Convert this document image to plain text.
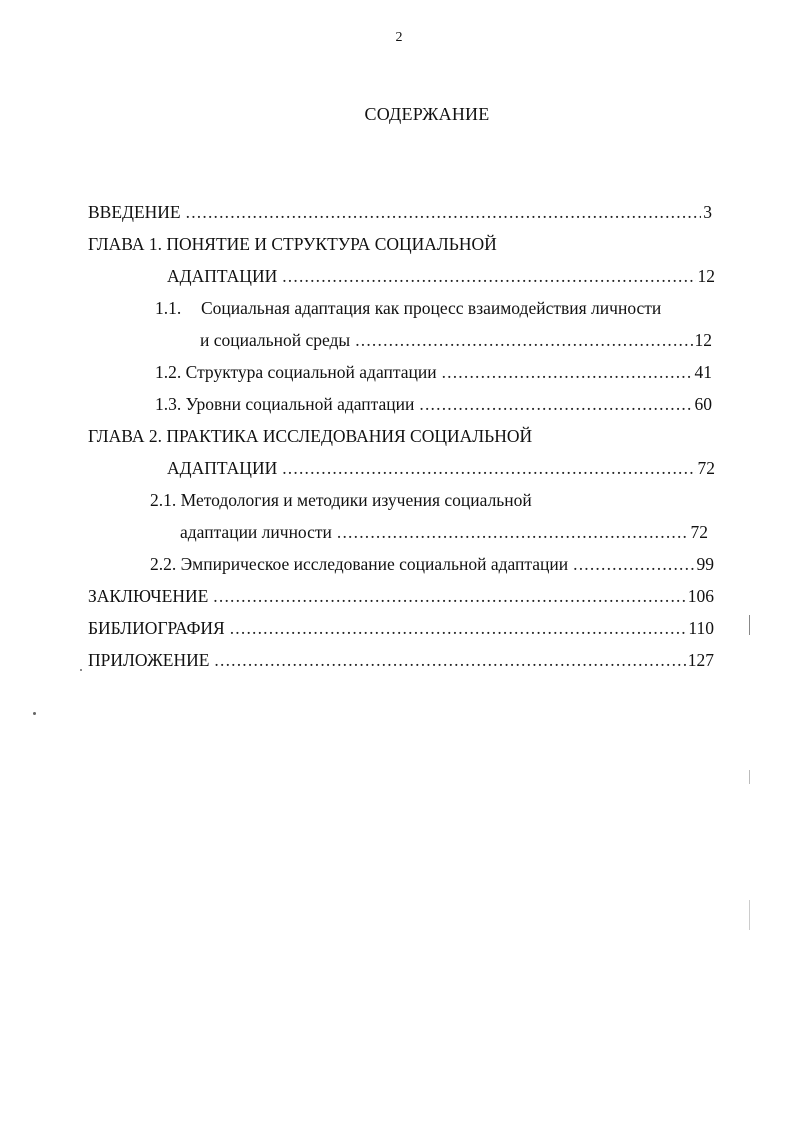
2
СОДЕРЖАНИЕ
ВВЕДЕНИЕ .....	3
ГЛАВА 1. ПОНЯТИЕ И СТРУКТУРА СОЦИАЛЬНОЙ
АДАПТАЦИИ .....	12
1.1.	Социальная адаптация как процесс взаимодействия личности
и социальной среды .....	12
1.2. Структура социальной адаптации .....	41
1.3. Уровни социальной адаптации .....	60
ГЛАВА 2. ПРАКТИКА ИССЛЕДОВАНИЯ СОЦИАЛЬНОЙ
АДАПТАЦИИ .....	72
2.1. Методология и методики изучения социальной
адаптации личности .....	72
2.2. Эмпирическое исследование социальной адаптации .....	99
ЗАКЛЮЧЕНИЕ .....	106
БИБЛИОГРАФИЯ .....	110
ПРИЛОЖЕНИЕ .....	127
